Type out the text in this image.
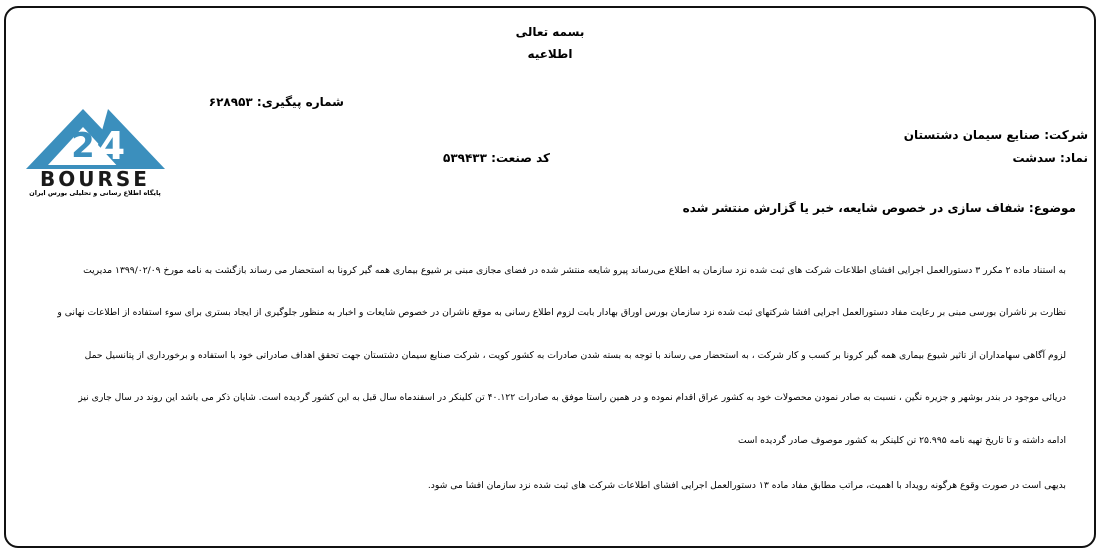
بسمه تعالی
اطلاعیه
شماره پیگیری: ۶۲۸۹۵۳
2 4
BOURSE
پایگاه اطلاع رسانی و تحلیلی بورس ایران
شرکت: صنایع سیمان دشتستان
نماد: سدشت
کد صنعت: ۵۳۹۴۳۳
موضوع: شفاف سازی در خصوص شایعه، خبر یا گزارش منتشر شده
به استناد ماده ۲ مکرر ۳ دستورالعمل اجرایی افشای اطلاعات شرکت های ثبت شده نزد سازمان به اطلاع می‌رساند پیرو شایعه منتشر شده در فضای مجازی مبنی بر شیوع بیماری همه گیر کرونا به استحضار می رساند بازگشت به نامه مورخ ۱۳۹۹/۰۲/۰۹ مدیریت
نظارت بر ناشران بورسی مبنی بر رعایت مفاد دستورالعمل اجرایی افشا شرکتهای ثبت شده نزد سازمان بورس اوراق بهادار بابت لزوم اطلاع رسانی به موقع ناشران در خصوص شایعات و اخبار به منظور جلوگیری از ایجاد بستری برای سوء استفاده از اطلاعات نهانی و
لزوم آگاهی سهامداران از تاثیر شیوع بیماری همه گیر کرونا بر کسب و کار شرکت ، به استحضار می رساند با توجه به بسته شدن صادرات به کشور کویت ، شرکت صنایع سیمان دشتستان جهت تحقق اهداف صادراتی خود با استفاده و برخورداری از پتانسیل حمل
دریائی موجود در بندر بوشهر و جزیره نگین ، نسبت به صادر نمودن محصولات خود به کشور عراق اقدام نموده و در همین راستا موفق به صادرات ۴۰.۱۲۲ تن کلینکر در اسفندماه سال قبل به این کشور گردیده است. شایان ذکر می باشد این روند در سال جاری نیز
ادامه داشته و تا تاریخ تهیه نامه ۲۵.۹۹۵ تن کلینکر به کشور موصوف صادر گردیده است
بدیهی است در صورت وقوع هرگونه رویداد با اهمیت، مراتب مطابق مفاد ماده ۱۳ دستورالعمل اجرایی افشای اطلاعات شرکت های ثبت شده نزد سازمان افشا می شود.
